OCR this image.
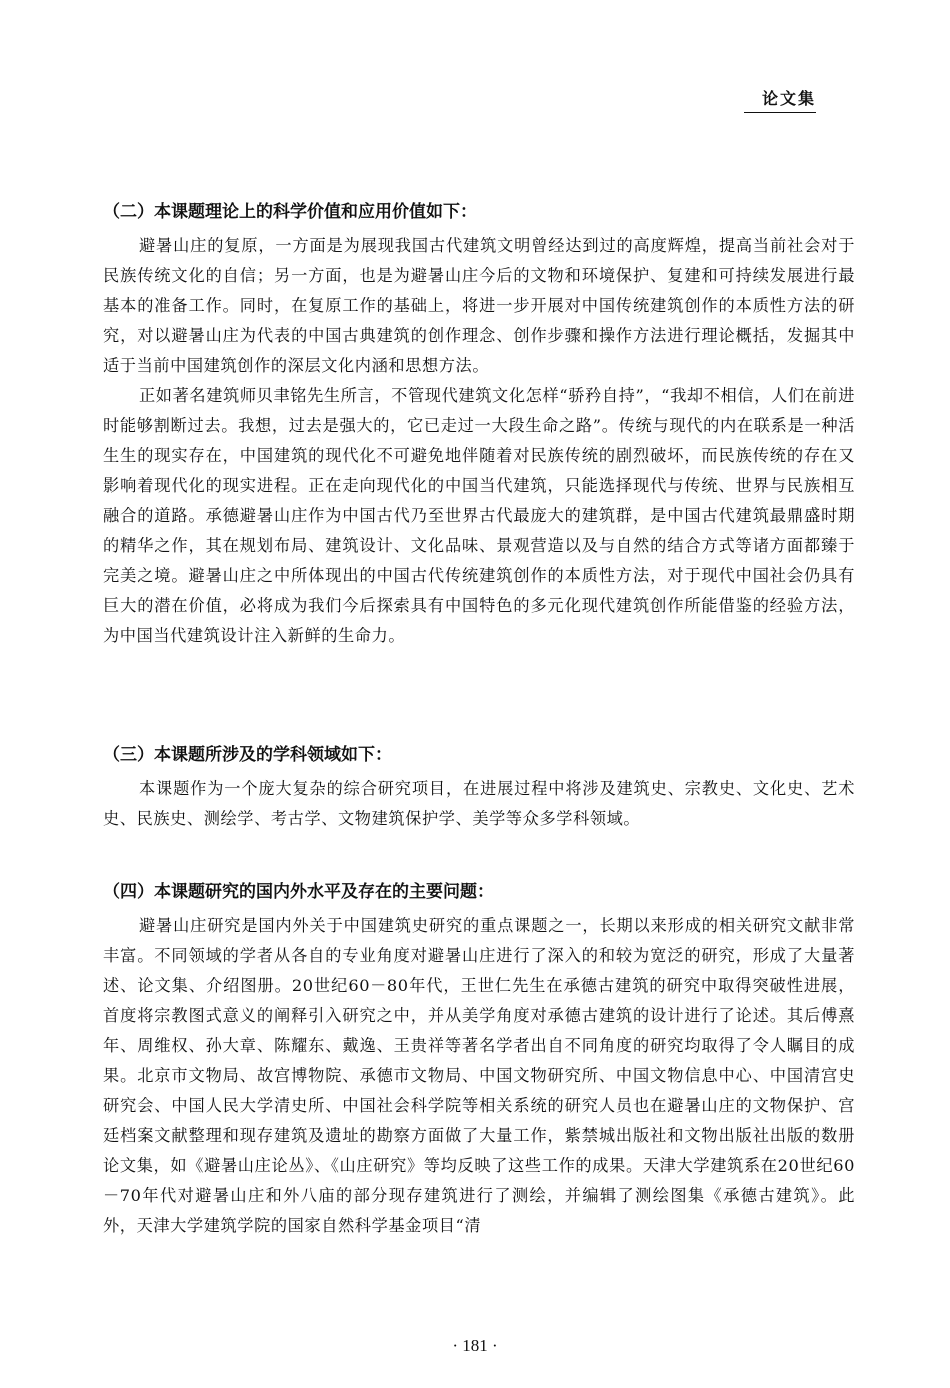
论文集
（二）本课题理论上的科学价值和应用价值如下：

避暑山庄的复原，一方面是为展现我国古代建筑文明曾经达到过的高度辉煌，提高当前社会对于民族传统文化的自信；另一方面，也是为避暑山庄今后的文物和环境保护、复建和可持续发展进行最基本的准备工作。同时，在复原工作的基础上，将进一步开展对中国传统建筑创作的本质性方法的研究，对以避暑山庄为代表的中国古典建筑的创作理念、创作步骤和操作方法进行理论概括，发掘其中适于当前中国建筑创作的深层文化内涵和思想方法。

正如著名建筑师贝聿铭先生所言，不管现代建筑文化怎样“骄矜自持”，“我却不相信，人们在前进时能够割断过去。我想，过去是强大的，它已走过一大段生命之路”。传统与现代的内在联系是一种活生生的现实存在，中国建筑的现代化不可避免地伴随着对民族传统的剧烈破坏，而民族传统的存在又影响着现代化的现实进程。正在走向现代化的中国当代建筑，只能选择现代与传统、世界与民族相互融合的道路。承德避暑山庄作为中国古代乃至世界古代最庞大的建筑群，是中国古代建筑最鼎盛时期的精华之作，其在规划布局、建筑设计、文化品味、景观营造以及与自然的结合方式等诸方面都臻于完美之境。避暑山庄之中所体现出的中国古代传统建筑创作的本质性方法，对于现代中国社会仍具有巨大的潜在价值，必将成为我们今后探索具有中国特色的多元化现代建筑创作所能借鉴的经验方法，为中国当代建筑设计注入新鲜的生命力。

（三）本课题所涉及的学科领域如下：

本课题作为一个庞大复杂的综合研究项目，在进展过程中将涉及建筑史、宗教史、文化史、艺术史、民族史、测绘学、考古学、文物建筑保护学、美学等众多学科领域。

（四）本课题研究的国内外水平及存在的主要问题：

避暑山庄研究是国内外关于中国建筑史研究的重点课题之一，长期以来形成的相关研究文献非常丰富。不同领域的学者从各自的专业角度对避暑山庄进行了深入的和较为宽泛的研究，形成了大量著述、论文集、介绍图册。20世纪60－80年代，王世仁先生在承德古建筑的研究中取得突破性进展，首度将宗教图式意义的阐释引入研究之中，并从美学角度对承德古建筑的设计进行了论述。其后傅熹年、周维权、孙大章、陈耀东、戴逸、王贵祥等著名学者出自不同角度的研究均取得了令人瞩目的成果。北京市文物局、故宫博物院、承德市文物局、中国文物研究所、中国文物信息中心、中国清宫史研究会、中国人民大学清史所、中国社会科学院等相关系统的研究人员也在避暑山庄的文物保护、宫廷档案文献整理和现存建筑及遗址的勘察方面做了大量工作，紫禁城出版社和文物出版社出版的数册论文集，如《避暑山庄论丛》、《山庄研究》等均反映了这些工作的成果。天津大学建筑系在20世纪60－70年代对避暑山庄和外八庙的部分现存建筑进行了测绘，并编辑了测绘图集《承德古建筑》。此外，天津大学建筑学院的国家自然科学基金项目“清

· 181 ·
